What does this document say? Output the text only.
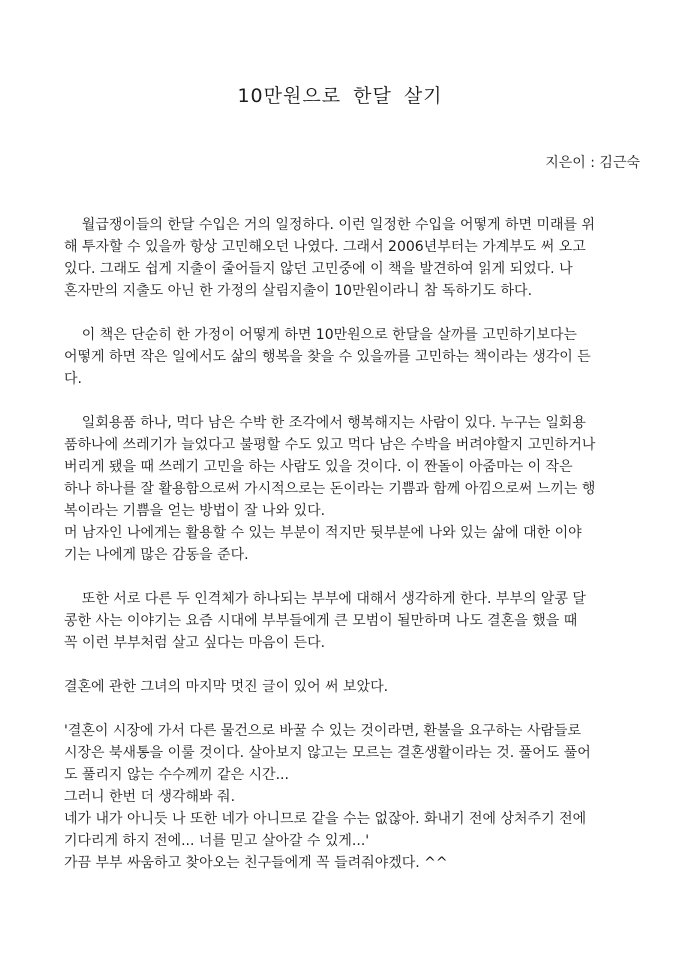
10만원으로 한달 살기
지은이 : 김근숙
월급쟁이들의 한달 수입은 거의 일정하다. 이런 일정한 수입을 어떻게 하면 미래를 위
해 투자할 수 있을까 항상 고민해오던 나였다. 그래서 2006년부터는 가계부도 써 오고
있다. 그래도 쉽게 지출이 줄어들지 않던 고민중에 이 책을 발견하여 읽게 되었다. 나
혼자만의 지출도 아닌 한 가정의 살림지출이 10만원이라니 참 독하기도 하다.
이 책은 단순히 한 가정이 어떻게 하면 10만원으로 한달을 살까를 고민하기보다는
어떻게 하면 작은 일에서도 삶의 행복을 찾을 수 있을까를 고민하는 책이라는 생각이 든
다.
일회용품 하나, 먹다 남은 수박 한 조각에서 행복해지는 사람이 있다. 누구는 일회용
품하나에 쓰레기가 늘었다고 불평할 수도 있고 먹다 남은 수박을 버려야할지 고민하거나
버리게 됐을 때 쓰레기 고민을 하는 사람도 있을 것이다. 이 짠돌이 아줌마는 이 작은
하나 하나를 잘 활용함으로써 가시적으로는 돈이라는 기쁨과 함께 아낌으로써 느끼는 행
복이라는 기쁨을 얻는 방법이 잘 나와 있다.
머 남자인 나에게는 활용할 수 있는 부분이 적지만 뒷부분에 나와 있는 삶에 대한 이야
기는 나에게 많은 감동을 준다.
또한 서로 다른 두 인격체가 하나되는 부부에 대해서 생각하게 한다. 부부의 알콩 달
콩한 사는 이야기는 요즘 시대에 부부들에게 큰 모범이 될만하며 나도 결혼을 했을 때
꼭 이런 부부처럼 살고 싶다는 마음이 든다.
결혼에 관한 그녀의 마지막 멋진 글이 있어 써 보았다.
'결혼이 시장에 가서 다른 물건으로 바꿀 수 있는 것이라면, 환불을 요구하는 사람들로
시장은 북새통을 이룰 것이다. 살아보지 않고는 모르는 결혼생활이라는 것. 풀어도 풀어
도 풀리지 않는 수수께끼 같은 시간...
그러니 한번 더 생각해봐 줘.
네가 내가 아니듯 나 또한 네가 아니므로 같을 수는 없잖아. 화내기 전에 상처주기 전에
기다리게 하지 전에... 너를 믿고 살아갈 수 있게...'
가끔 부부 싸움하고 찾아오는 친구들에게 꼭 들려줘야겠다. ^^
